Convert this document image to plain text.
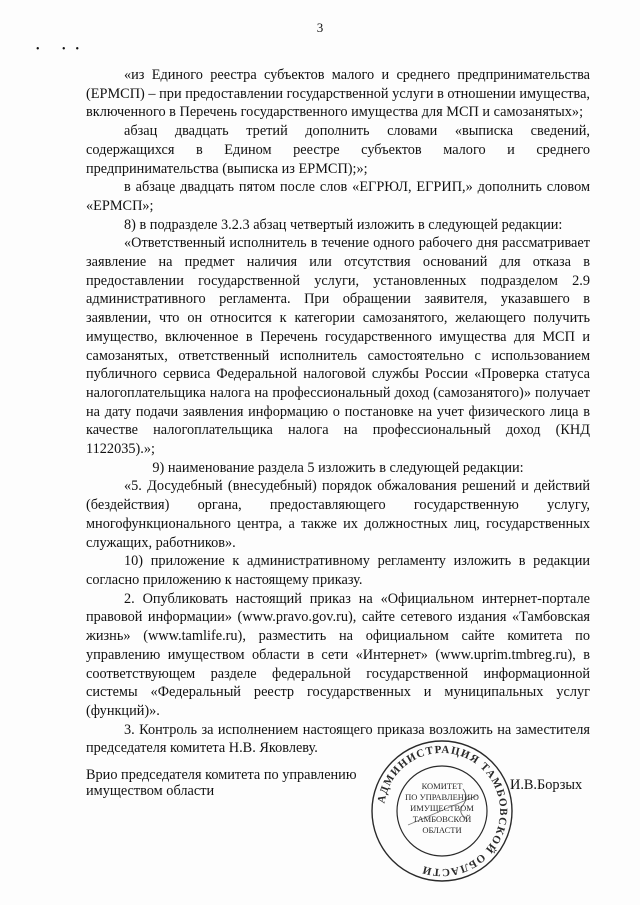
3
• ••

«из Единого реестра субъектов малого и среднего предпринимательства (ЕРМСП) – при предоставлении государственной услуги в отношении имущества, включенного в Перечень государственного имущества для МСП и самозанятых»;

абзац двадцать третий дополнить словами «выписка сведений, содержащихся в Едином реестре субъектов малого и среднего предпринимательства (выписка из ЕРМСП);»;

в абзаце двадцать пятом после слов «ЕГРЮЛ, ЕГРИП,» дополнить словом «ЕРМСП»;

8) в подразделе 3.2.3 абзац четвертый изложить в следующей редакции:

«Ответственный исполнитель в течение одного рабочего дня рассматривает заявление на предмет наличия или отсутствия оснований для отказа в предоставлении государственной услуги, установленных подразделом 2.9 административного регламента. При обращении заявителя, указавшего в заявлении, что он относится к категории самозанятого, желающего получить имущество, включенное в Перечень государственного имущества для МСП и самозанятых, ответственный исполнитель самостоятельно с использованием публичного сервиса Федеральной налоговой службы России «Проверка статуса налогоплательщика налога на профессиональный доход (самозанятого)» получает на дату подачи заявления информацию о постановке на учет физического лица в качестве налогоплательщика налога на профессиональный доход (КНД 1122035).»;

9) наименование раздела 5 изложить в следующей редакции:

«5. Досудебный (внесудебный) порядок обжалования решений и действий (бездействия) органа, предоставляющего государственную услугу, многофункционального центра, а также их должностных лиц, государственных служащих, работников».

10) приложение к административному регламенту изложить в редакции согласно приложению к настоящему приказу.

2. Опубликовать настоящий приказ на «Официальном интернет-портале правовой информации» (www.pravo.gov.ru), сайте сетевого издания «Тамбовская жизнь» (www.tamlife.ru), разместить на официальном сайте комитета по управлению имуществом области в сети «Интернет» (www.uprim.tmbreg.ru), в соответствующем разделе федеральной государственной информационной системы «Федеральный реестр государственных и муниципальных услуг (функций)».

3. Контроль за исполнением настоящего приказа возложить на заместителя председателя комитета Н.В. Яковлеву.

Врио председателя комитета по управлению имуществом области	И.В.Борзых
АДМИНИСТРАЦИЯ ТАМБОВСКОЙ ОБЛАСТИ
КОМИТЕТ
ПО УПРАВЛЕНИЮ
ИМУЩЕСТВОМ
ТАМБОВСКОЙ
ОБЛАСТИ
